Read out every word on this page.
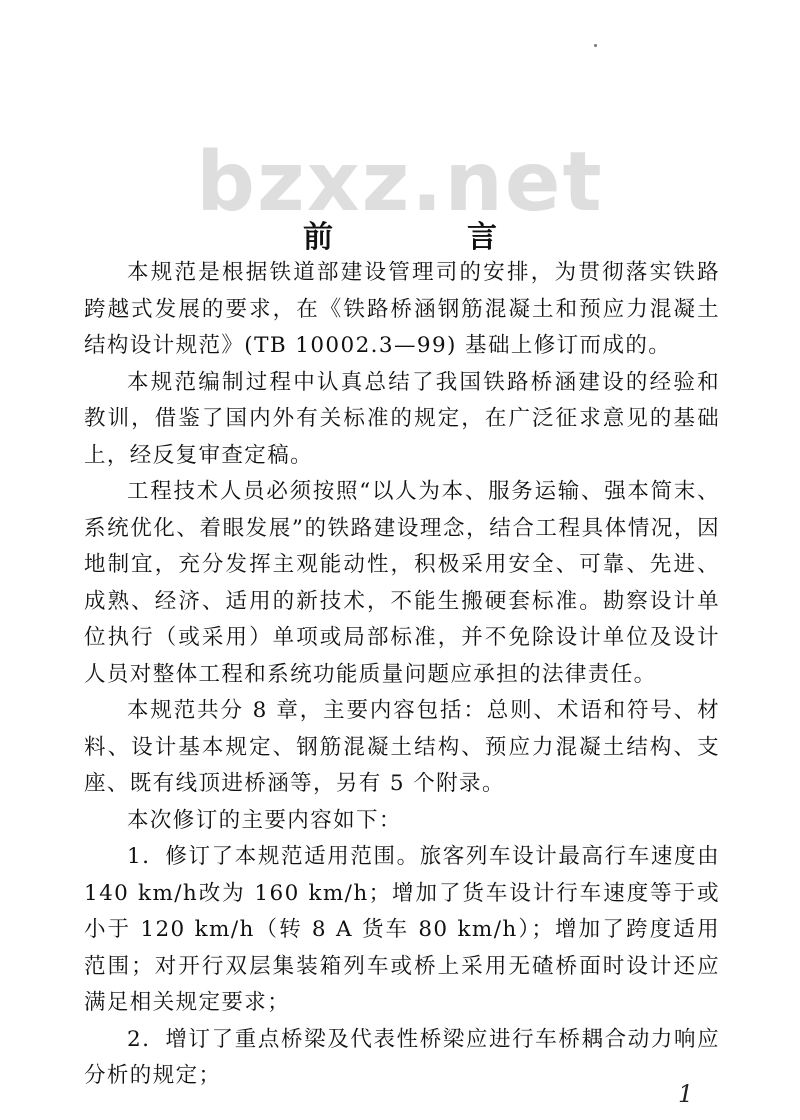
bzxz.net
前　言

本规范是根据铁道部建设管理司的安排，为贯彻落实铁路跨越式发展的要求，在《铁路桥涵钢筋混凝土和预应力混凝土结构设计规范》(TB 10002.3—99) 基础上修订而成的。

本规范编制过程中认真总结了我国铁路桥涵建设的经验和教训，借鉴了国内外有关标准的规定，在广泛征求意见的基础上，经反复审查定稿。

工程技术人员必须按照“以人为本、服务运输、强本简末、系统优化、着眼发展”的铁路建设理念，结合工程具体情况，因地制宜，充分发挥主观能动性，积极采用安全、可靠、先进、成熟、经济、适用的新技术，不能生搬硬套标准。勘察设计单位执行（或采用）单项或局部标准，并不免除设计单位及设计人员对整体工程和系统功能质量问题应承担的法律责任。

本规范共分 8 章，主要内容包括：总则、术语和符号、材料、设计基本规定、钢筋混凝土结构、预应力混凝土结构、支座、既有线顶进桥涵等，另有 5 个附录。

本次修订的主要内容如下：

1．修订了本规范适用范围。旅客列车设计最高行车速度由 140 km/h改为 160 km/h；增加了货车设计行车速度等于或小于 120 km/h（转 8 A 货车 80 km/h）；增加了跨度适用范围；对开行双层集装箱列车或桥上采用无碴桥面时设计还应满足相关规定要求；

2．增订了重点桥梁及代表性桥梁应进行车桥耦合动力响应分析的规定；

1
